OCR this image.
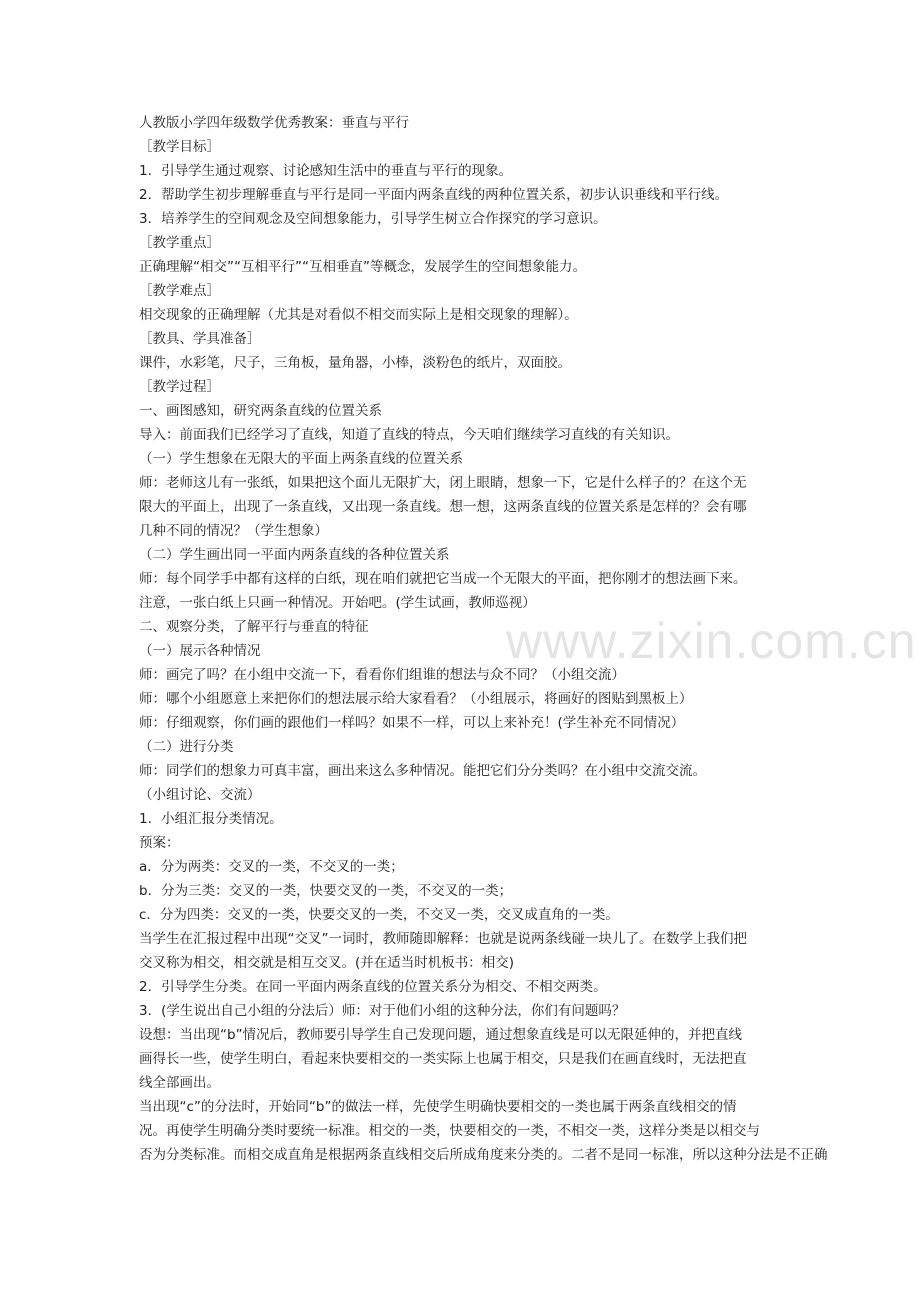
人教版小学四年级数学优秀教案：垂直与平行
［教学目标］
1．引导学生通过观察、讨论感知生活中的垂直与平行的现象。
2．帮助学生初步理解垂直与平行是同一平面内两条直线的两种位置关系，初步认识垂线和平行线。
3．培养学生的空间观念及空间想象能力，引导学生树立合作探究的学习意识。
［教学重点］
正确理解“相交”“互相平行”“互相垂直”等概念，发展学生的空间想象能力。
［教学难点］
相交现象的正确理解（尤其是对看似不相交而实际上是相交现象的理解）。
［教具、学具准备］
课件，水彩笔，尺子，三角板，量角器，小棒，淡粉色的纸片，双面胶。
［教学过程］
一、画图感知，研究两条直线的位置关系
导入：前面我们已经学习了直线，知道了直线的特点，今天咱们继续学习直线的有关知识。
（一）学生想象在无限大的平面上两条直线的位置关系
师：老师这儿有一张纸，如果把这个面儿无限扩大，闭上眼睛，想象一下，它是什么样子的？在这个无
限大的平面上，出现了一条直线，又出现一条直线。想一想，这两条直线的位置关系是怎样的？会有哪
几种不同的情况？（学生想象）
（二）学生画出同一平面内两条直线的各种位置关系
师：每个同学手中都有这样的白纸，现在咱们就把它当成一个无限大的平面，把你刚才的想法画下来。
注意，一张白纸上只画一种情况。开始吧。(学生试画，教师巡视）
二、观察分类，了解平行与垂直的特征
（一）展示各种情况
师：画完了吗？在小组中交流一下，看看你们组谁的想法与众不同？（小组交流）
师：哪个小组愿意上来把你们的想法展示给大家看看？（小组展示，将画好的图贴到黑板上）
师：仔细观察，你们画的跟他们一样吗？如果不一样，可以上来补充！(学生补充不同情况）
（二）进行分类
师：同学们的想象力可真丰富，画出来这么多种情况。能把它们分分类吗？在小组中交流交流。
（小组讨论、交流）
1．小组汇报分类情况。
预案：
a．分为两类：交叉的一类，不交叉的一类；
b．分为三类：交叉的一类，快要交叉的一类，不交叉的一类；
c．分为四类：交叉的一类，快要交叉的一类，不交叉一类，交叉成直角的一类。
当学生在汇报过程中出现“交叉”一词时，教师随即解释：也就是说两条线碰一块儿了。在数学上我们把
交叉称为相交，相交就是相互交叉。(并在适当时机板书：相交)
2．引导学生分类。在同一平面内两条直线的位置关系分为相交、不相交两类。
3．(学生说出自己小组的分法后）师：对于他们小组的这种分法，你们有问题吗？
设想：当出现“b”情况后，教师要引导学生自己发现问题，通过想象直线是可以无限延伸的，并把直线
画得长一些，使学生明白，看起来快要相交的一类实际上也属于相交，只是我们在画直线时，无法把直
线全部画出。
当出现“c”的分法时，开始同“b”的做法一样，先使学生明确快要相交的一类也属于两条直线相交的情
况。再使学生明确分类时要统一标准。相交的一类，快要相交的一类，不相交一类，这样分类是以相交与
否为分类标准。而相交成直角是根据两条直线相交后所成角度来分类的。二者不是同一标准，所以这种分法是不正确
www.zixin.com.cn
